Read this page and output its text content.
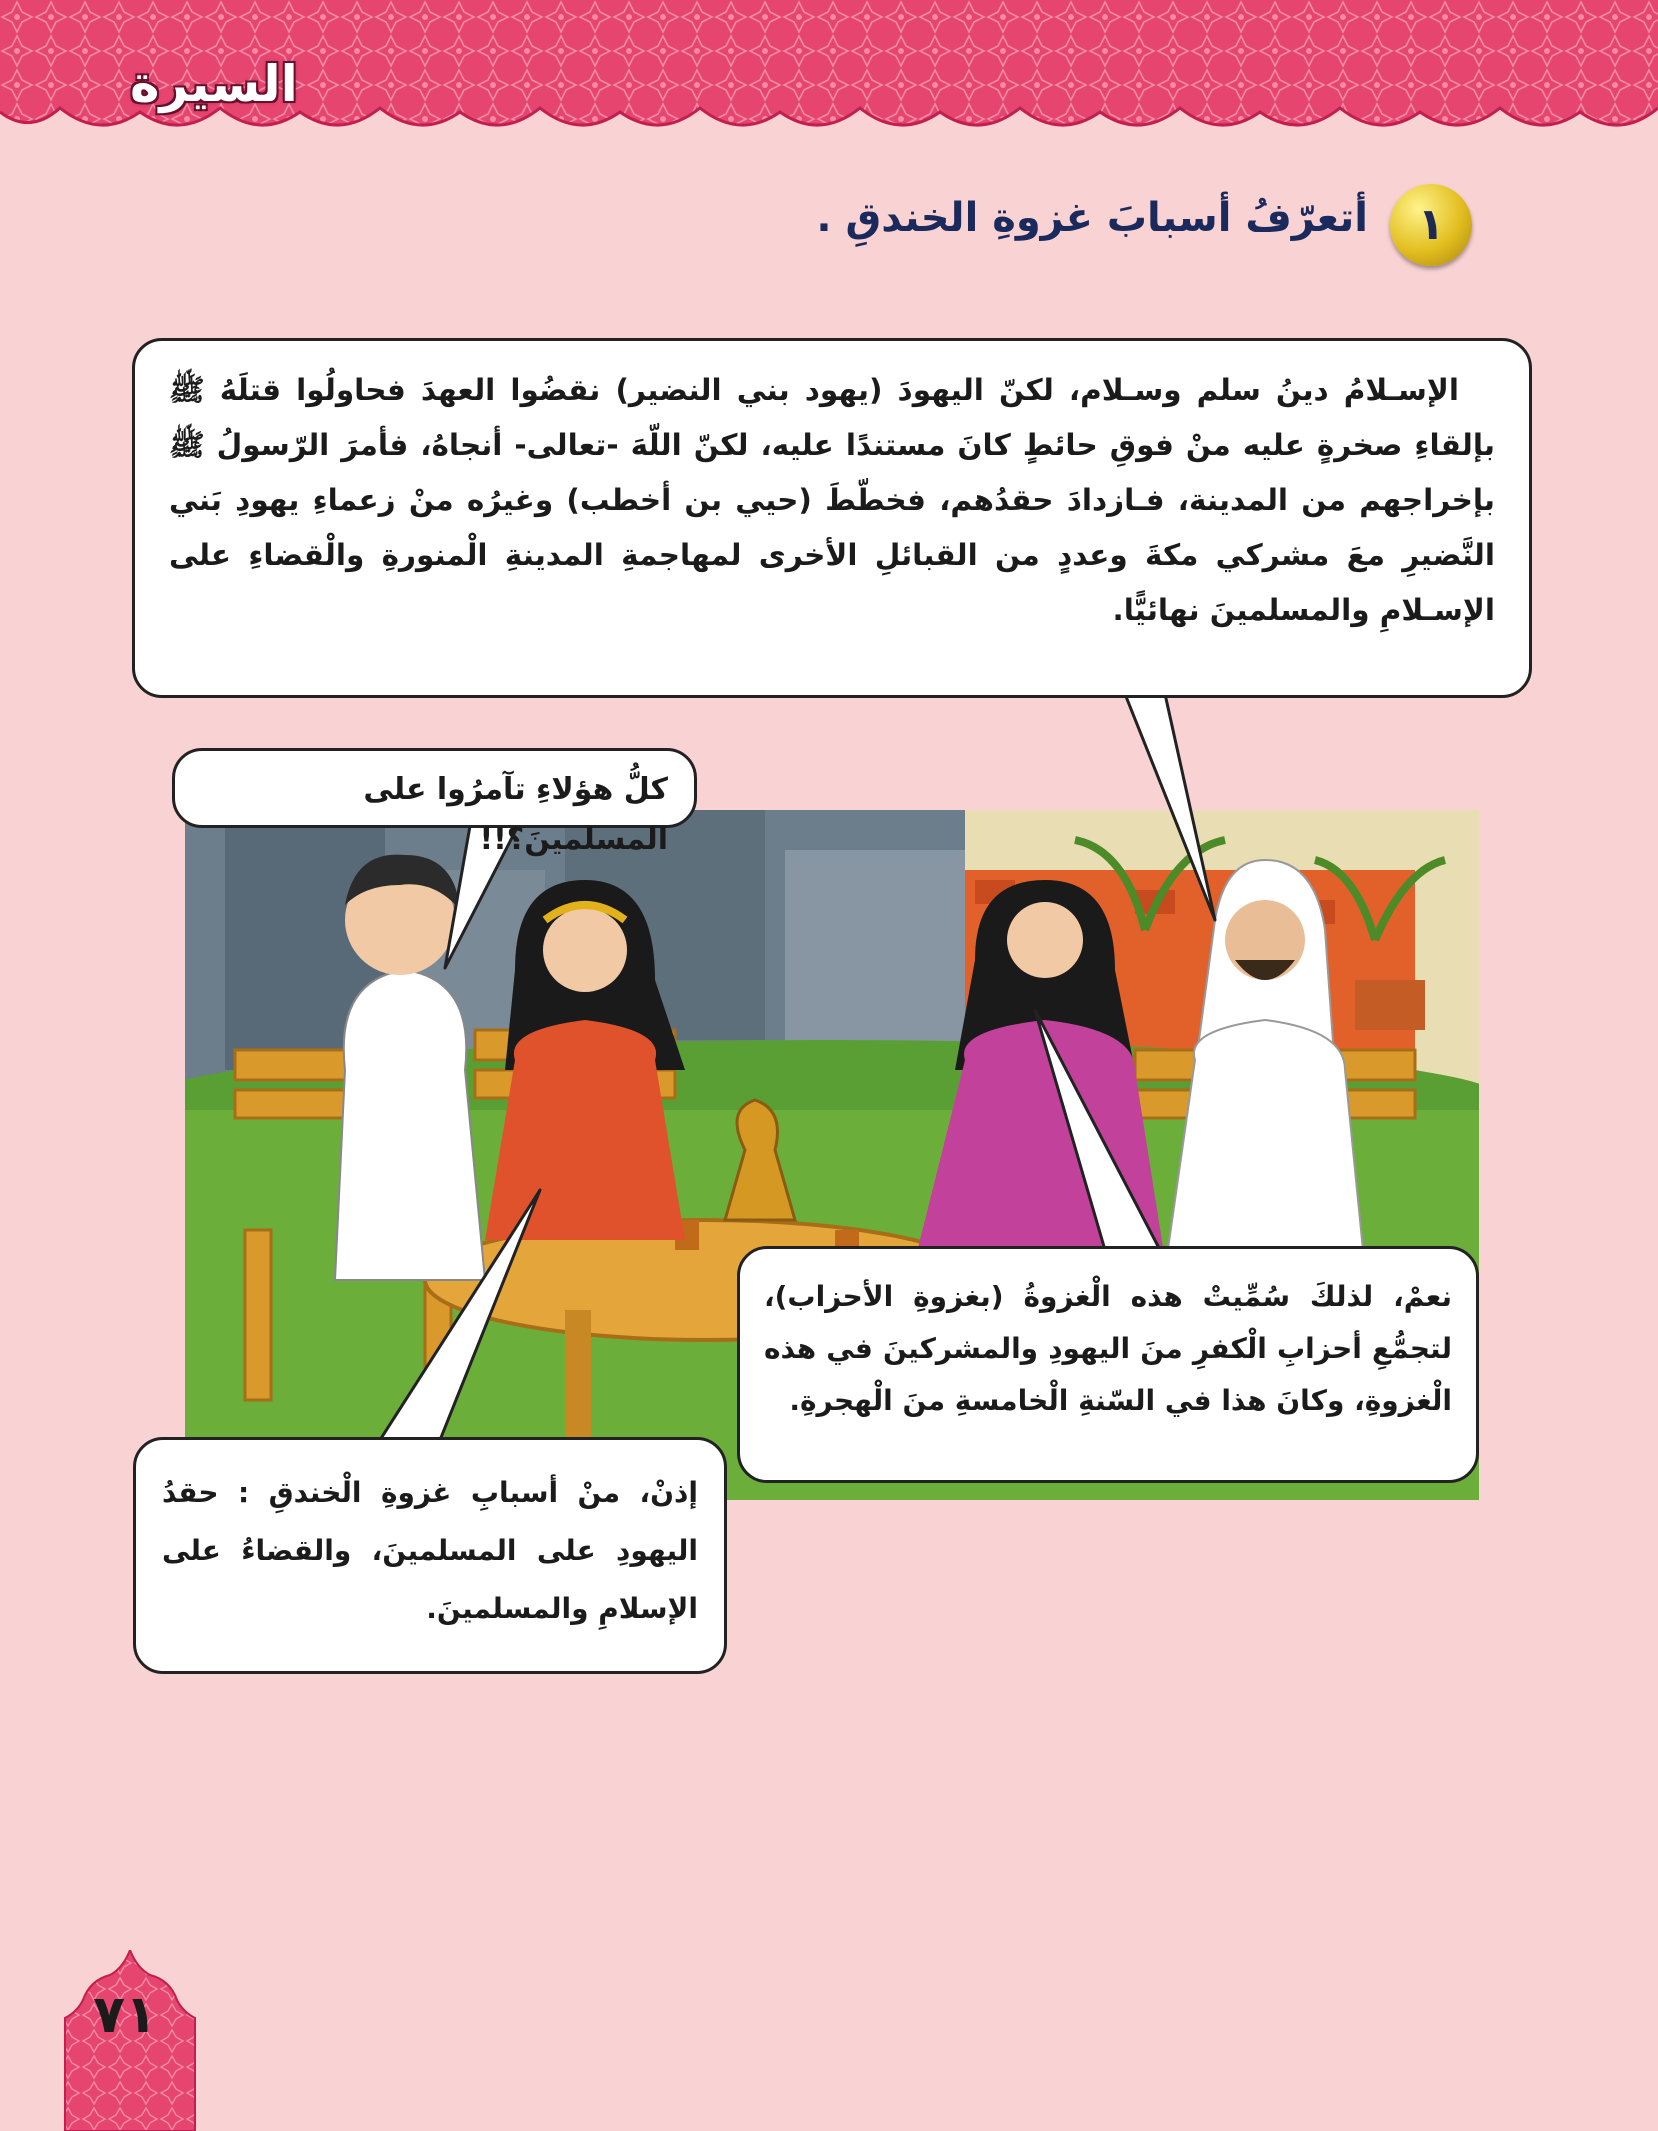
السيرة
١
أتعرّفُ أسبابَ غزوةِ الخندقِ .

الإسـلامُ دينُ سلم وسـلام، لكنّ اليهودَ (يهود بني النضير) نقضُوا العهدَ فحاولُوا قتلَهُ ﷺ بإلقاءِ صخرةٍ عليه منْ فوقِ حائطٍ كانَ مستندًا عليه، لكنّ اللّهَ -تعالى- أنجاهُ، فأمرَ الرّسولُ ﷺ بإخراجهم من المدينة، فـازدادَ حقدُهم، فخطّطَ (حيي بن أخطب) وغيرُه منْ زعماءِ يهودِ بَني النَّضيرِ معَ مشركي مكةَ وعددٍ من القبائلِ الأخرى لمهاجمةِ المدينةِ الْمنورةِ والْقضاءِ على الإسـلامِ والمسلمينَ نهائيًّا.

كلُّ هؤلاءِ تآمرُوا على المسلمينَ؟!!

نعمْ، لذلكَ سُمِّيتْ هذه الْغزوةُ (بغزوةِ الأحزاب)، لتجمُّعِ أحزابِ الْكفرِ منَ اليهودِ والمشركينَ في هذه الْغزوةِ، وكانَ هذا في السّنةِ الْخامسةِ منَ الْهجرةِ.

إذنْ، منْ أسبابِ غزوةِ الْخندقِ : حقدُ اليهودِ على المسلمينَ، والقضاءُ على الإسلامِ والمسلمينَ.

٧١
